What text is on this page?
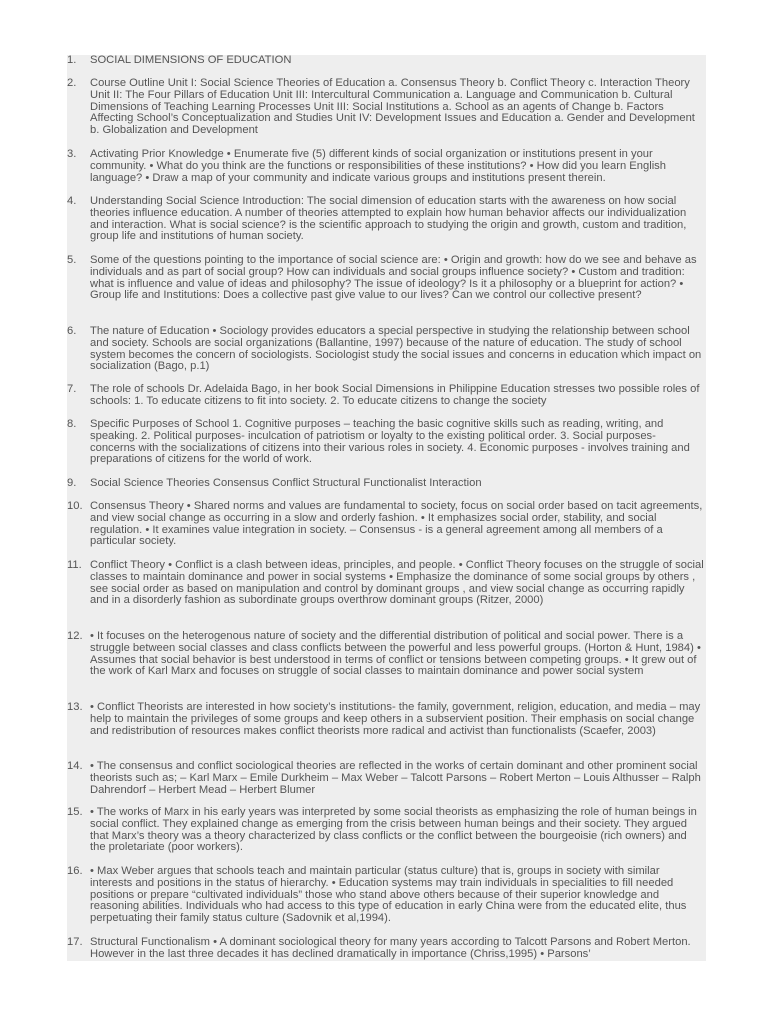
1.	SOCIAL DIMENSIONS OF EDUCATION
2.	Course Outline Unit I: Social Science Theories of Education a. Consensus Theory b. Conflict Theory c. Interaction Theory Unit II: The Four Pillars of Education Unit III: Intercultural Communication a. Language and Communication b. Cultural Dimensions of Teaching Learning Processes Unit III: Social Institutions a. School as an agents of Change b. Factors Affecting School’s Conceptualization and Studies Unit IV: Development Issues and Education a. Gender and Development b. Globalization and Development
3.	Activating Prior Knowledge • Enumerate five (5) different kinds of social organization or institutions present in your community. • What do you think are the functions or responsibilities of these institutions? • How did you learn English language? • Draw a map of your community and indicate various groups and institutions present therein.
4.	Understanding Social Science Introduction: The social dimension of education starts with the awareness on how social theories influence education. A number of theories attempted to explain how human behavior affects our individualization and interaction. What is social science? is the scientific approach to studying the origin and growth, custom and tradition, group life and institutions of human society.
5.	Some of the questions pointing to the importance of social science are: • Origin and growth: how do we see and behave as individuals and as part of social group? How can individuals and social groups influence society? • Custom and tradition: what is influence and value of ideas and philosophy? The issue of ideology? Is it a philosophy or a blueprint for action? • Group life and Institutions: Does a collective past give value to our lives? Can we control our collective present?
6.	The nature of Education • Sociology provides educators a special perspective in studying the relationship between school and society. Schools are social organizations (Ballantine, 1997) because of the nature of education. The study of school system becomes the concern of sociologists. Sociologist study the social issues and concerns in education which impact on socialization (Bago, p.1)
7.	The role of schools Dr. Adelaida Bago, in her book Social Dimensions in Philippine Education stresses two possible roles of schools: 1. To educate citizens to fit into society. 2. To educate citizens to change the society
8.	Specific Purposes of School 1. Cognitive purposes – teaching the basic cognitive skills such as reading, writing, and speaking. 2. Political purposes- inculcation of patriotism or loyalty to the existing political order. 3. Social purposes- concerns with the socializations of citizens into their various roles in society. 4. Economic purposes - involves training and preparations of citizens for the world of work.
9.	Social Science Theories Consensus Conflict Structural Functionalist Interaction
10. Consensus Theory • Shared norms and values are fundamental to society, focus on social order based on tacit agreements, and view social change as occurring in a slow and orderly fashion. • It emphasizes social order, stability, and social regulation. • It examines value integration in society. – Consensus - is a general agreement among all members of a particular society.
11. Conflict Theory • Conflict is a clash between ideas, principles, and people. • Conflict Theory focuses on the struggle of social classes to maintain dominance and power in social systems • Emphasize the dominance of some social groups by others , see social order as based on manipulation and control by dominant groups , and view social change as occurring rapidly and in a disorderly fashion as subordinate groups overthrow dominant groups (Ritzer, 2000)
12. • It focuses on the heterogenous nature of society and the differential distribution of political and social power. There is a struggle between social classes and class conflicts between the powerful and less powerful groups. (Horton & Hunt, 1984) • Assumes that social behavior is best understood in terms of conflict or tensions between competing groups. • It grew out of the work of Karl Marx and focuses on struggle of social classes to maintain dominance and power social system
13. • Conflict Theorists are interested in how society’s institutions- the family, government, religion, education, and media – may help to maintain the privileges of some groups and keep others in a subservient position. Their emphasis on social change and redistribution of resources makes conflict theorists more radical and activist than functionalists (Scaefer, 2003)
14. • The consensus and conflict sociological theories are reflected in the works of certain dominant and other prominent social theorists such as; – Karl Marx – Emile Durkheim – Max Weber – Talcott Parsons – Robert Merton – Louis Althusser – Ralph Dahrendorf – Herbert Mead – Herbert Blumer
15. • The works of Marx in his early years was interpreted by some social theorists as emphasizing the role of human beings in social conflict. They explained change as emerging from the crisis between human beings and their society. They argued that Marx’s theory was a theory characterized by class conflicts or the conflict between the bourgeoisie (rich owners) and the proletariate (poor workers).
16. • Max Weber argues that schools teach and maintain particular (status culture) that is, groups in society with similar interests and positions in the status of hierarchy. • Education systems may train individuals in specialities to fill needed positions or prepare “cultivated individuals” those who stand above others because of their superior knowledge and reasoning abilities. Individuals who had access to this type of education in early China were from the educated elite, thus perpetuating their family status culture (Sadovnik et al,1994).
17. Structural Functionalism • A dominant sociological theory for many years according to Talcott Parsons and Robert Merton. However in the last three decades it has declined dramatically in importance (Chriss,1995) • Parsons’
